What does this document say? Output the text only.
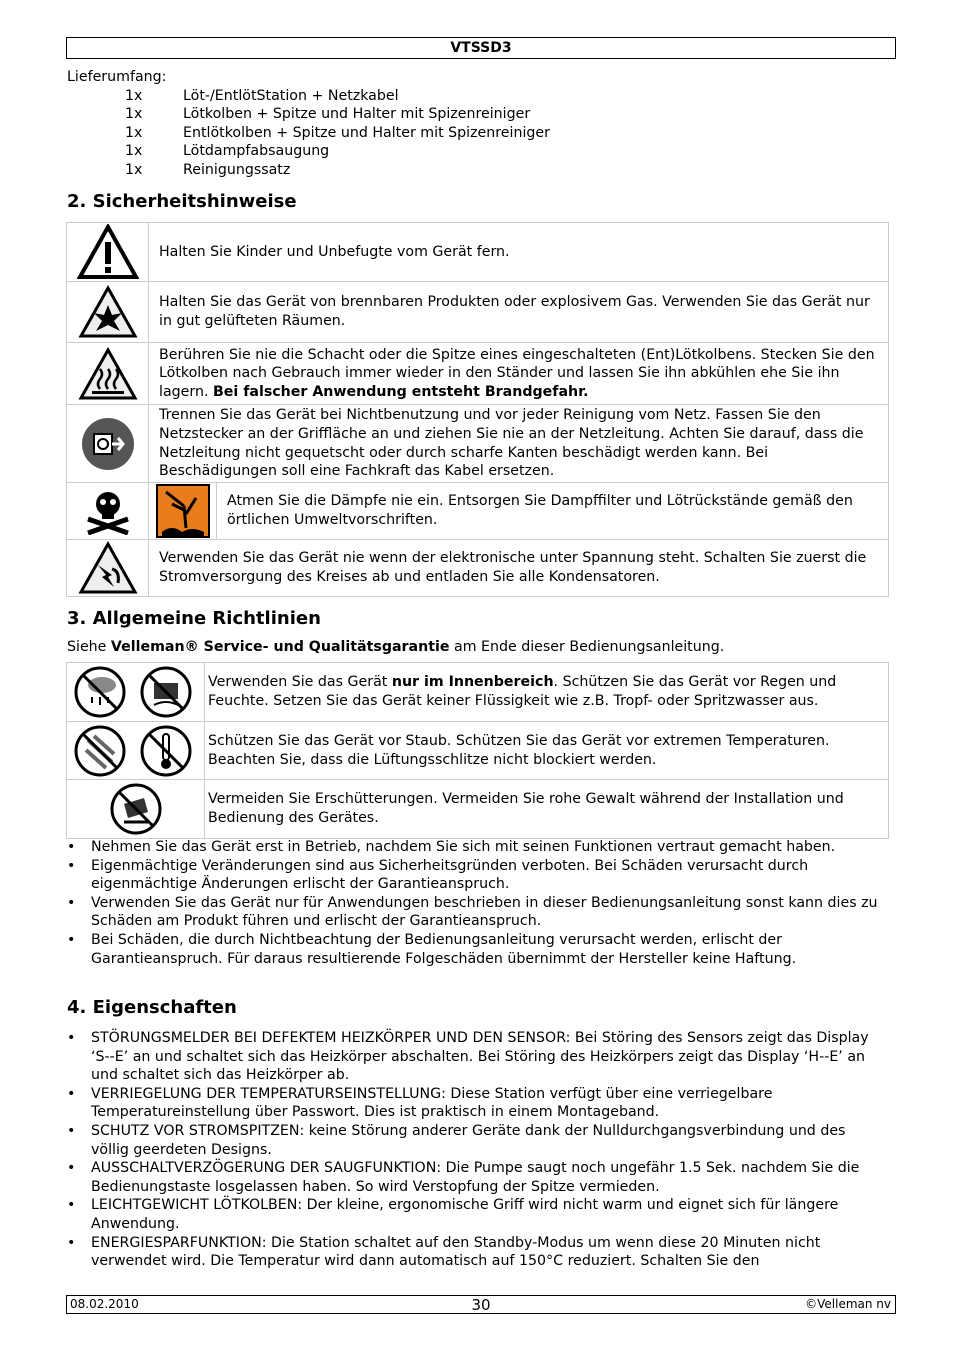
VTSSD3
Lieferumfang:
1x	Löt-/EntlötStation + Netzkabel
1x	Lötkolben + Spitze und Halter mit Spizenreiniger
1x	Entlötkolben + Spitze und Halter mit Spizenreiniger
1x	Lötdampfabsaugung
1x	Reinigungssatz
2. Sicherheitshinweise
	Halten Sie Kinder und Unbefugte vom Gerät fern.	

	Halten Sie das Gerät von brennbaren Produkten oder explosivem Gas. Verwenden Sie das Gerät nur in gut gelüfteten Räumen.	

	Berühren Sie nie die Schacht oder die Spitze eines eingeschalteten (Ent)Lötkolbens. Stecken Sie den Lötkolben nach Gebrauch immer wieder in den Ständer und lassen Sie ihn abkühlen ehe Sie ihn lagern. Bei falscher Anwendung entsteht Brandgefahr.	

	Trennen Sie das Gerät bei Nichtbenutzung und vor jeder Reinigung vom Netz. Fassen Sie den Netzstecker an der Griffläche an und ziehen Sie nie an der Netzleitung. Achten Sie darauf, dass die Netzleitung nicht gequetscht oder durch scharfe Kanten beschädigt werden kann. Bei Beschädigungen soll eine Fachkraft das Kabel ersetzen.	

	Atmen Sie die Dämpfe nie ein. Entsorgen Sie Dampffilter und Lötrückstände gemäß den örtlichen Umweltvorschriften.

	Verwenden Sie das Gerät nie wenn der elektronische unter Spannung steht. Schalten Sie zuerst die Stromversorgung des Kreises ab und entladen Sie alle Kondensatoren.	
3. Allgemeine Richtlinien
Siehe Velleman® Service- und Qualitätsgarantie am Ende dieser Bedienungsanleitung.
	Verwenden Sie das Gerät nur im Innenbereich. Schützen Sie das Gerät vor Regen und Feuchte. Setzen Sie das Gerät keiner Flüssigkeit wie z.B. Tropf- oder Spritzwasser aus.

	Schützen Sie das Gerät vor Staub. Schützen Sie das Gerät vor extremen Temperaturen. Beachten Sie, dass die Lüftungsschlitze nicht blockiert werden.

	Vermeiden Sie Erschütterungen. Vermeiden Sie rohe Gewalt während der Installation und Bedienung des Gerätes.
• Nehmen Sie das Gerät erst in Betrieb, nachdem Sie sich mit seinen Funktionen vertraut gemacht haben.
• Eigenmächtige Veränderungen sind aus Sicherheitsgründen verboten. Bei Schäden verursacht durch eigenmächtige Änderungen erlischt der Garantieanspruch.
• Verwenden Sie das Gerät nur für Anwendungen beschrieben in dieser Bedienungsanleitung sonst kann dies zu Schäden am Produkt führen und erlischt der Garantieanspruch.
• Bei Schäden, die durch Nichtbeachtung der Bedienungsanleitung verursacht werden, erlischt der Garantieanspruch. Für daraus resultierende Folgeschäden übernimmt der Hersteller keine Haftung.
4. Eigenschaften
• STÖRUNGSMELDER BEI DEFEKTEM HEIZKÖRPER UND DEN SENSOR: Bei Störing des Sensors zeigt das Display ‘S--E’ an und schaltet sich das Heizkörper abschalten. Bei Störing des Heizkörpers zeigt das Display ‘H--E’ an und schaltet sich das Heizkörper ab.
• VERRIEGELUNG DER TEMPERATURSEINSTELLUNG: Diese Station verfügt über eine verriegelbare Temperatureinstellung über Passwort. Dies ist praktisch in einem Montageband.
• SCHUTZ VOR STROMSPITZEN: keine Störung anderer Geräte dank der Nulldurchgangsverbindung und des völlig geerdeten Designs.
• AUSSCHALTVERZÖGERUNG DER SAUGFUNKTION: Die Pumpe saugt noch ungefähr 1.5 Sek. nachdem Sie die Bedienungstaste losgelassen haben. So wird Verstopfung der Spitze vermieden.
• LEICHTGEWICHT LÖTKOLBEN: Der kleine, ergonomische Griff wird nicht warm und eignet sich für längere Anwendung.
• ENERGIESPARFUNKTION: Die Station schaltet auf den Standby-Modus um wenn diese 20 Minuten nicht verwendet wird. Die Temperatur wird dann automatisch auf 150°C reduziert. Schalten Sie den
08.02.2010	30	©Velleman nv
